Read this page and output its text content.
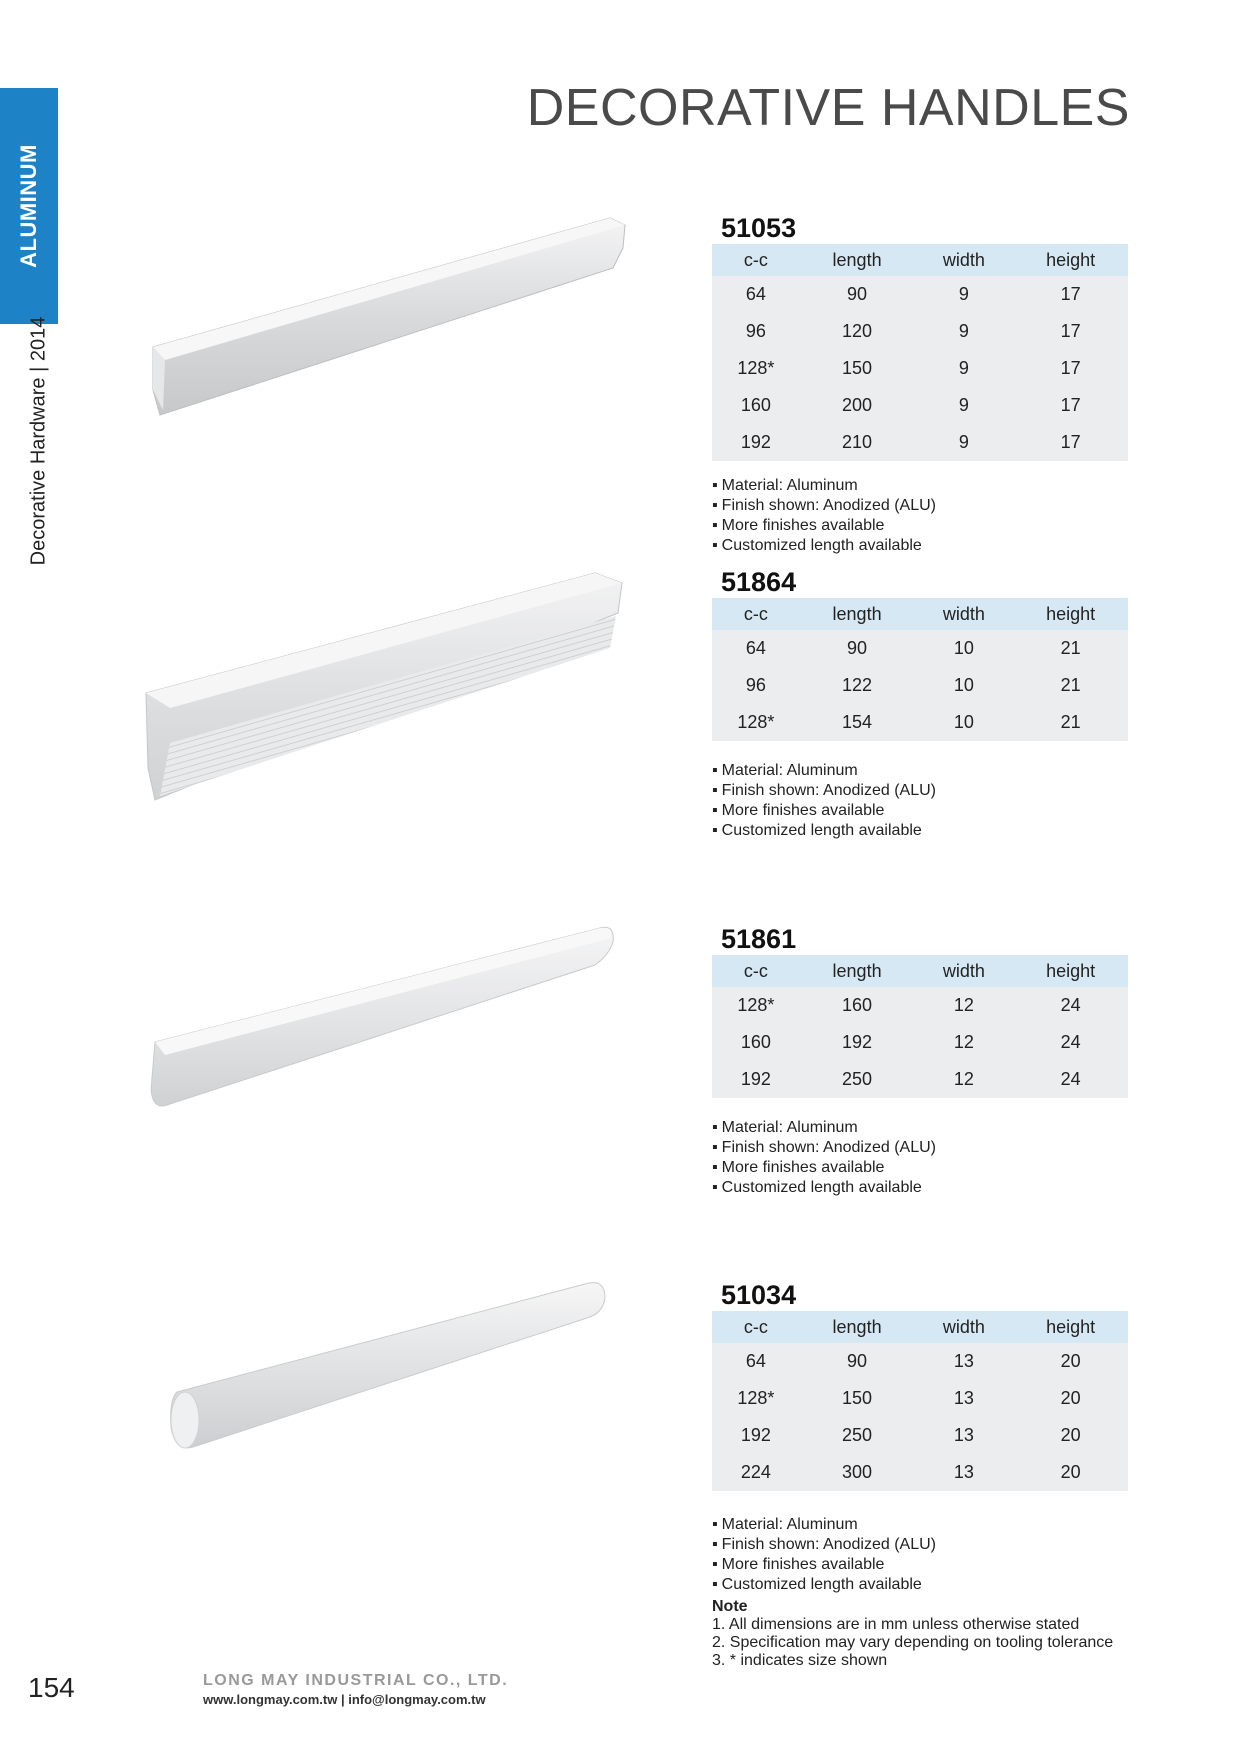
ALUMINUM
Decorative Hardware | 2014
DECORATIVE HANDLES
51053
c-c	length	width	height
64	90	9	17
96	120	9	17
128*	150	9	17
160	200	9	17
192	210	9	17
▪ Material: Aluminum
▪ Finish shown: Anodized (ALU)
▪ More finishes available
▪ Customized length available
51864
c-c	length	width	height
64	90	10	21
96	122	10	21
128*	154	10	21
▪ Material: Aluminum
▪ Finish shown: Anodized (ALU)
▪ More finishes available
▪ Customized length available
51861
c-c	length	width	height
128*	160	12	24
160	192	12	24
192	250	12	24
▪ Material: Aluminum
▪ Finish shown: Anodized (ALU)
▪ More finishes available
▪ Customized length available
51034
c-c	length	width	height
64	90	13	20
128*	150	13	20
192	250	13	20
224	300	13	20
▪ Material: Aluminum
▪ Finish shown: Anodized (ALU)
▪ More finishes available
▪ Customized length available
Note
1. All dimensions are in mm unless otherwise stated
2. Specification may vary depending on tooling tolerance
3. * indicates size shown
154	LONG MAY INDUSTRIAL CO., LTD.
www.longmay.com.tw | info@longmay.com.tw
